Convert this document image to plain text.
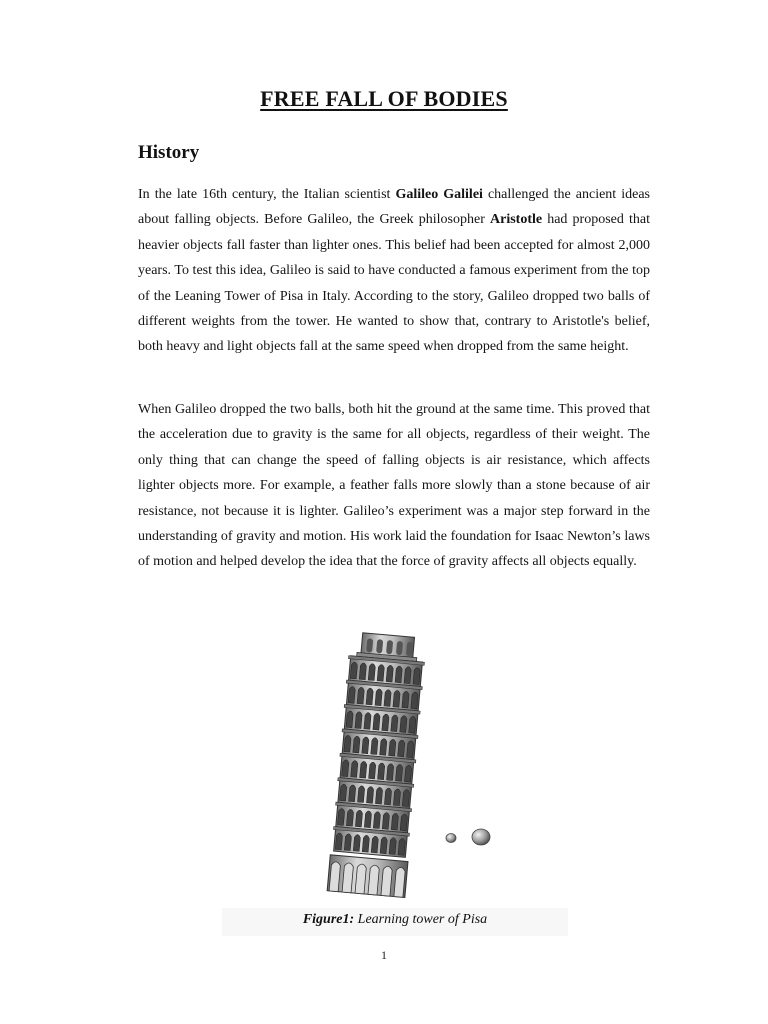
FREE FALL OF BODIES
History

In the late 16th century, the Italian scientist Galileo Galilei challenged the ancient ideas about falling objects. Before Galileo, the Greek philosopher Aristotle had proposed that heavier objects fall faster than lighter ones. This belief had been accepted for almost 2,000 years. To test this idea, Galileo is said to have conducted a famous experiment from the top of the Leaning Tower of Pisa in Italy. According to the story, Galileo dropped two balls of different weights from the tower. He wanted to show that, contrary to Aristotle's belief, both heavy and light objects fall at the same speed when dropped from the same height.

When Galileo dropped the two balls, both hit the ground at the same time. This proved that the acceleration due to gravity is the same for all objects, regardless of their weight. The only thing that can change the speed of falling objects is air resistance, which affects lighter objects more. For example, a feather falls more slowly than a stone because of air resistance, not because it is lighter. Galileo’s experiment was a major step forward in the understanding of gravity and motion. His work laid the foundation for Isaac Newton’s laws of motion and helped develop the idea that the force of gravity affects all objects equally.

Figure1: Learning tower of Pisa
1
